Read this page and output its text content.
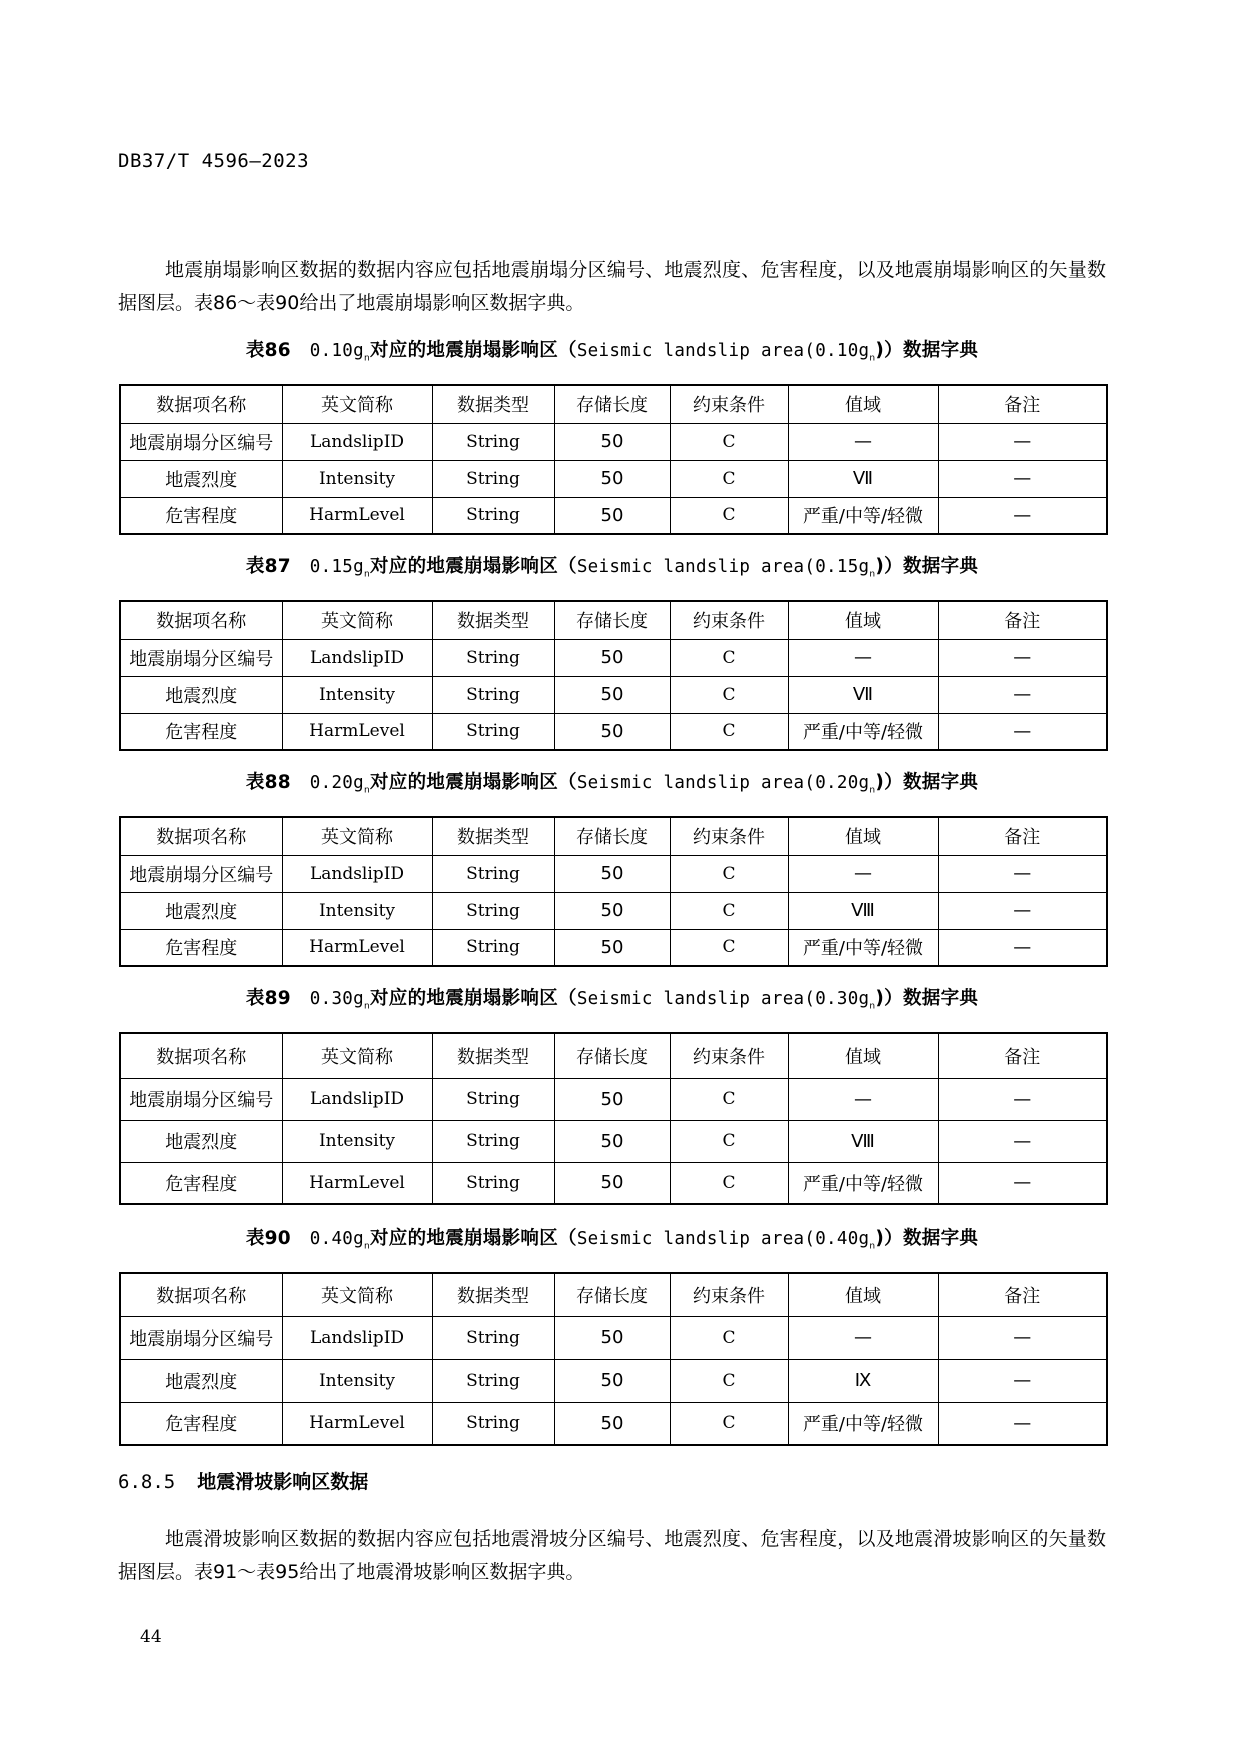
DB37/T 4596—2023
地震崩塌影响区数据的数据内容应包括地震崩塌分区编号、地震烈度、危害程度，以及地震崩塌影响区的矢量数据图层。表86～表90给出了地震崩塌影响区数据字典。
表86  $0.10g_n$对应的地震崩塌影响区（Seismic landslip $area(0.10g_n)$）数据字典
数据项名称	英文简称	数据类型	存储长度	约束条件	值域	备注
地震崩塌分区编号	LandslipID	String	50	C	—	—
地震烈度	Intensity	String	50	C	Ⅶ	—
危害程度	HarmLevel	String	50	C	严重/中等/轻微	—
表87  $0.15g_n$对应的地震崩塌影响区（Seismic landslip $area(0.15g_n)$）数据字典
数据项名称	英文简称	数据类型	存储长度	约束条件	值域	备注
地震崩塌分区编号	LandslipID	String	50	C	—	—
地震烈度	Intensity	String	50	C	Ⅶ	—
危害程度	HarmLevel	String	50	C	严重/中等/轻微	—
表88  $0.20g_n$对应的地震崩塌影响区（Seismic landslip $area(0.20g_n)$）数据字典
数据项名称	英文简称	数据类型	存储长度	约束条件	值域	备注
地震崩塌分区编号	LandslipID	String	50	C	—	—
地震烈度	Intensity	String	50	C	Ⅷ	—
危害程度	HarmLevel	String	50	C	严重/中等/轻微	—
表89  $0.30g_n$对应的地震崩塌影响区（Seismic landslip $area(0.30g_n)$）数据字典
数据项名称	英文简称	数据类型	存储长度	约束条件	值域	备注
地震崩塌分区编号	LandslipID	String	50	C	—	—
地震烈度	Intensity	String	50	C	Ⅷ	—
危害程度	HarmLevel	String	50	C	严重/中等/轻微	—
表90  $0.40g_n$对应的地震崩塌影响区（Seismic landslip $area(0.40g_n)$）数据字典
数据项名称	英文简称	数据类型	存储长度	约束条件	值域	备注
地震崩塌分区编号	LandslipID	String	50	C	—	—
地震烈度	Intensity	String	50	C	Ⅸ	—
危害程度	HarmLevel	String	50	C	严重/中等/轻微	—
6.8.5 地震滑坡影响区数据
地震滑坡影响区数据的数据内容应包括地震滑坡分区编号、地震烈度、危害程度，以及地震滑坡影响区的矢量数据图层。表91～表95给出了地震滑坡影响区数据字典。
44
